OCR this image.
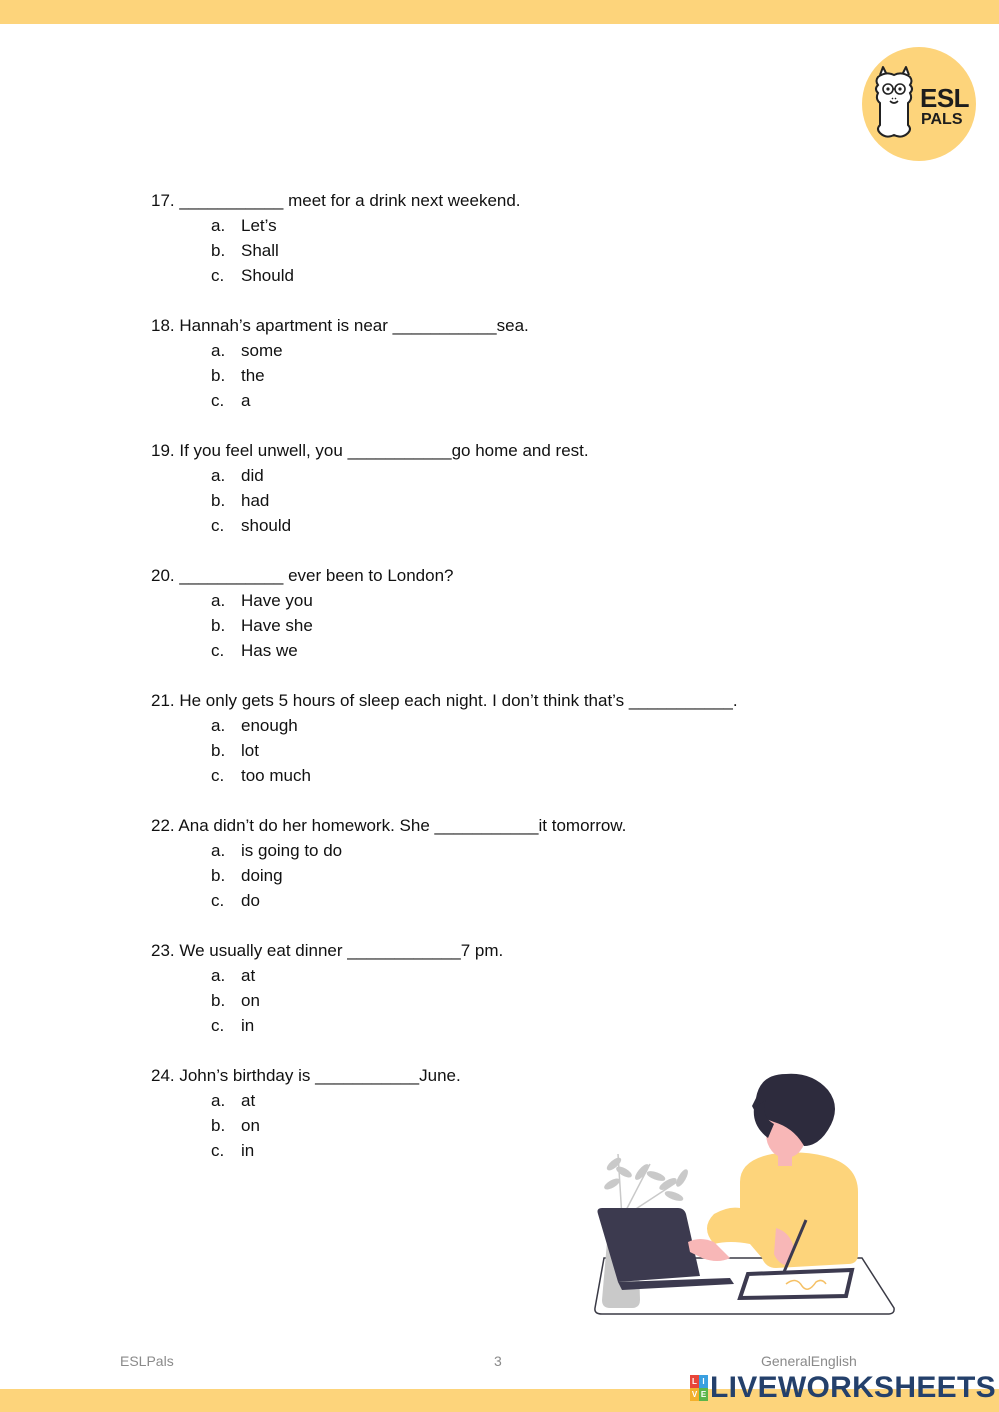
ESL
PALS
17. ___________ meet for a drink next weekend.
a. Let’s
b. Shall
c. Should
18. Hannah’s apartment is near ___________sea.
a. some
b. the
c. a
19. If you feel unwell, you ___________go home and rest.
a. did
b. had
c. should
20. ___________ ever been to London?
a. Have you
b. Have she
c. Has we
21. He only gets 5 hours of sleep each night. I don’t think that’s ___________.
a. enough
b. lot
c. too much
22. Ana didn’t do her homework. She ___________it tomorrow.
a. is going to do
b. doing
c. do
23. We usually eat dinner ____________7 pm.
a. at
b. on
c. in
24. John’s birthday is ___________June.
a. at
b. on
c. in
ESLPals	3	GeneralEnglish
L I
V E LIVEWORKSHEETS
